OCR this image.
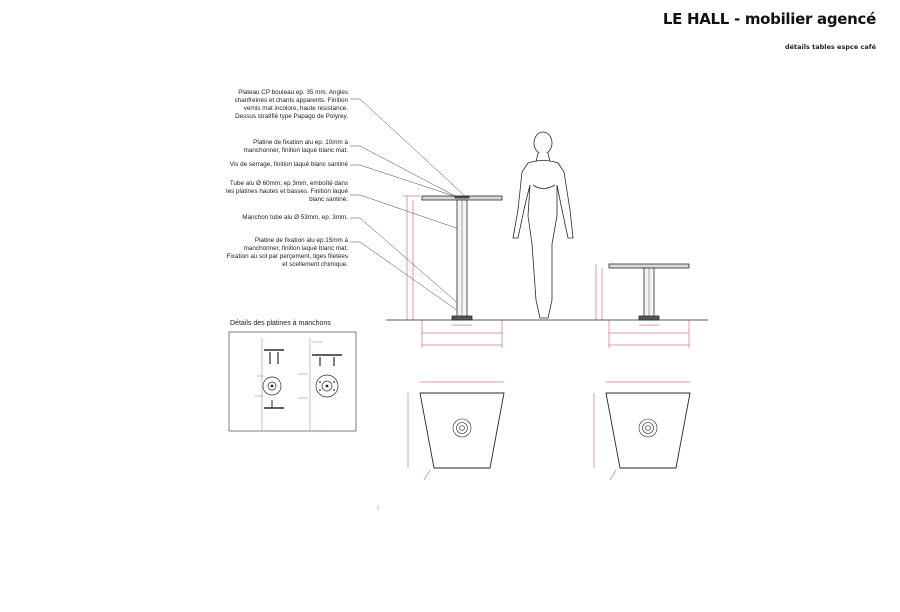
LE HALL - mobilier agencé
détails tables espce café
Plateau CP bouleau ep. 35 mm. Angles
chanfreinés et chants apparents. Finition
vernis mat incolore, haute résistance.
Dessus stratifié type Papago de Polyrey.
Platine de fixation alu ep. 10mm à
manchonner, finition laqué blanc mat.
Vis de serrage, finition laqué blanc santiné
Tube alu Ø 60mm, ep 3mm, emboîté dans
les platines hautes et basses. Finition laqué
blanc santiné.
Manchon tube alu Ø 53mm, ep. 3mm.
Platine de fixation alu ep.15mm à
manchonner, finition laqué blanc mat.
Fixation au sol par perçement, tiges filetées
et scellement chimique.
Détails des platines à manchons
